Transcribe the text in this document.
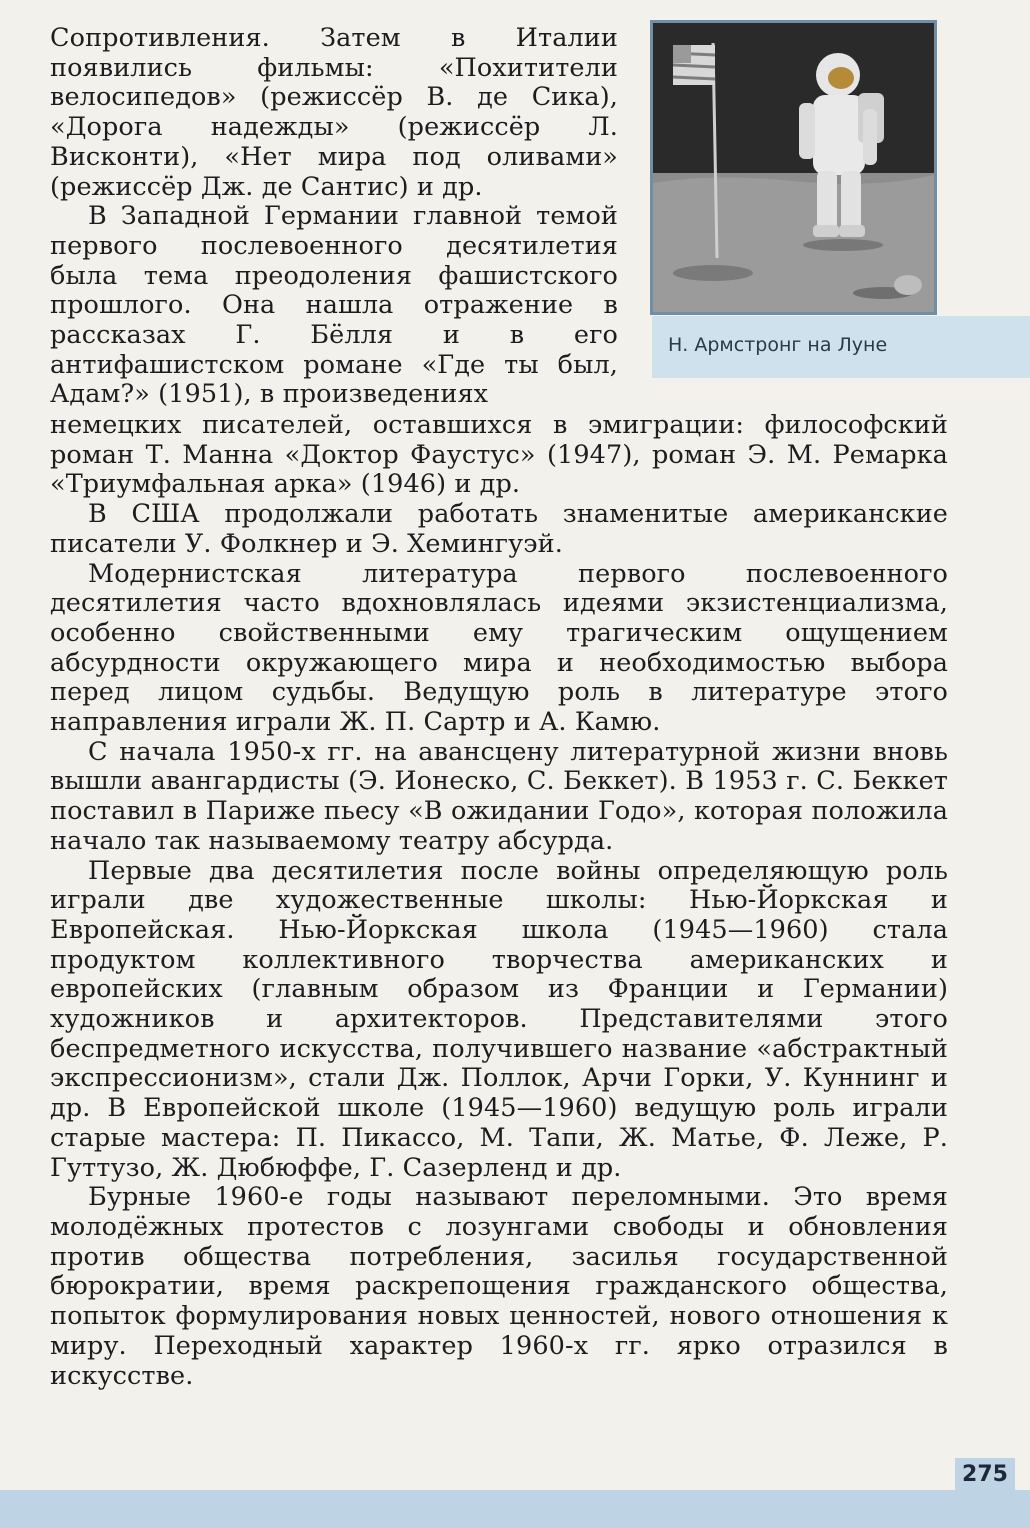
Н. Армстронг на Луне

Сопротивления. Затем в Италии появились фильмы: «Похитители велосипедов» (режиссёр В. де Сика), «Дорога надежды» (режиссёр Л. Висконти), «Нет мира под оливами» (режиссёр Дж. де Сантис) и др.

В Западной Германии главной темой первого послевоенного десятилетия была тема преодоления фашистского прошлого. Она нашла отражение в рассказах Г. Бёлля и в его антифашистском романе «Где ты был, Адам?» (1951), в произведениях

немецких писателей, оставшихся в эмиграции: философский роман Т. Манна «Доктор Фаустус» (1947), роман Э. М. Ремарка «Триумфальная арка» (1946) и др.

В США продолжали работать знаменитые американские писатели У. Фолкнер и Э. Хемингуэй.

Модернистская литература первого послевоенного десятилетия часто вдохновлялась идеями экзистенциализма, особенно свойственными ему трагическим ощущением абсурдности окружающего мира и необходимостью выбора перед лицом судьбы. Ведущую роль в литературе этого направления играли Ж. П. Сартр и А. Камю.

С начала 1950-х гг. на авансцену литературной жизни вновь вышли авангардисты (Э. Ионеско, С. Беккет). В 1953 г. С. Беккет поставил в Париже пьесу «В ожидании Годо», которая положила начало так называемому театру абсурда.

Первые два десятилетия после войны определяющую роль играли две художественные школы: Нью-Йоркская и Европейская. Нью-Йоркская школа (1945—1960) стала продуктом коллективного творчества американских и европейских (главным образом из Франции и Германии) художников и архитекторов. Представителями этого беспредметного искусства, получившего название «абстрактный экспрессионизм», стали Дж. Поллок, Арчи Горки, У. Куннинг и др. В Европейской школе (1945—1960) ведущую роль играли старые мастера: П. Пикассо, М. Тапи, Ж. Матье, Ф. Леже, Р. Гуттузо, Ж. Дюбюффе, Г. Сазерленд и др.

Бурные 1960-е годы называют переломными. Это время молодёжных протестов с лозунгами свободы и обновления против общества потребления, засилья государственной бюрократии, время раскрепощения гражданского общества, попыток формулирования новых ценностей, нового отношения к миру. Переходный характер 1960-х гг. ярко отразился в искусстве.

275
